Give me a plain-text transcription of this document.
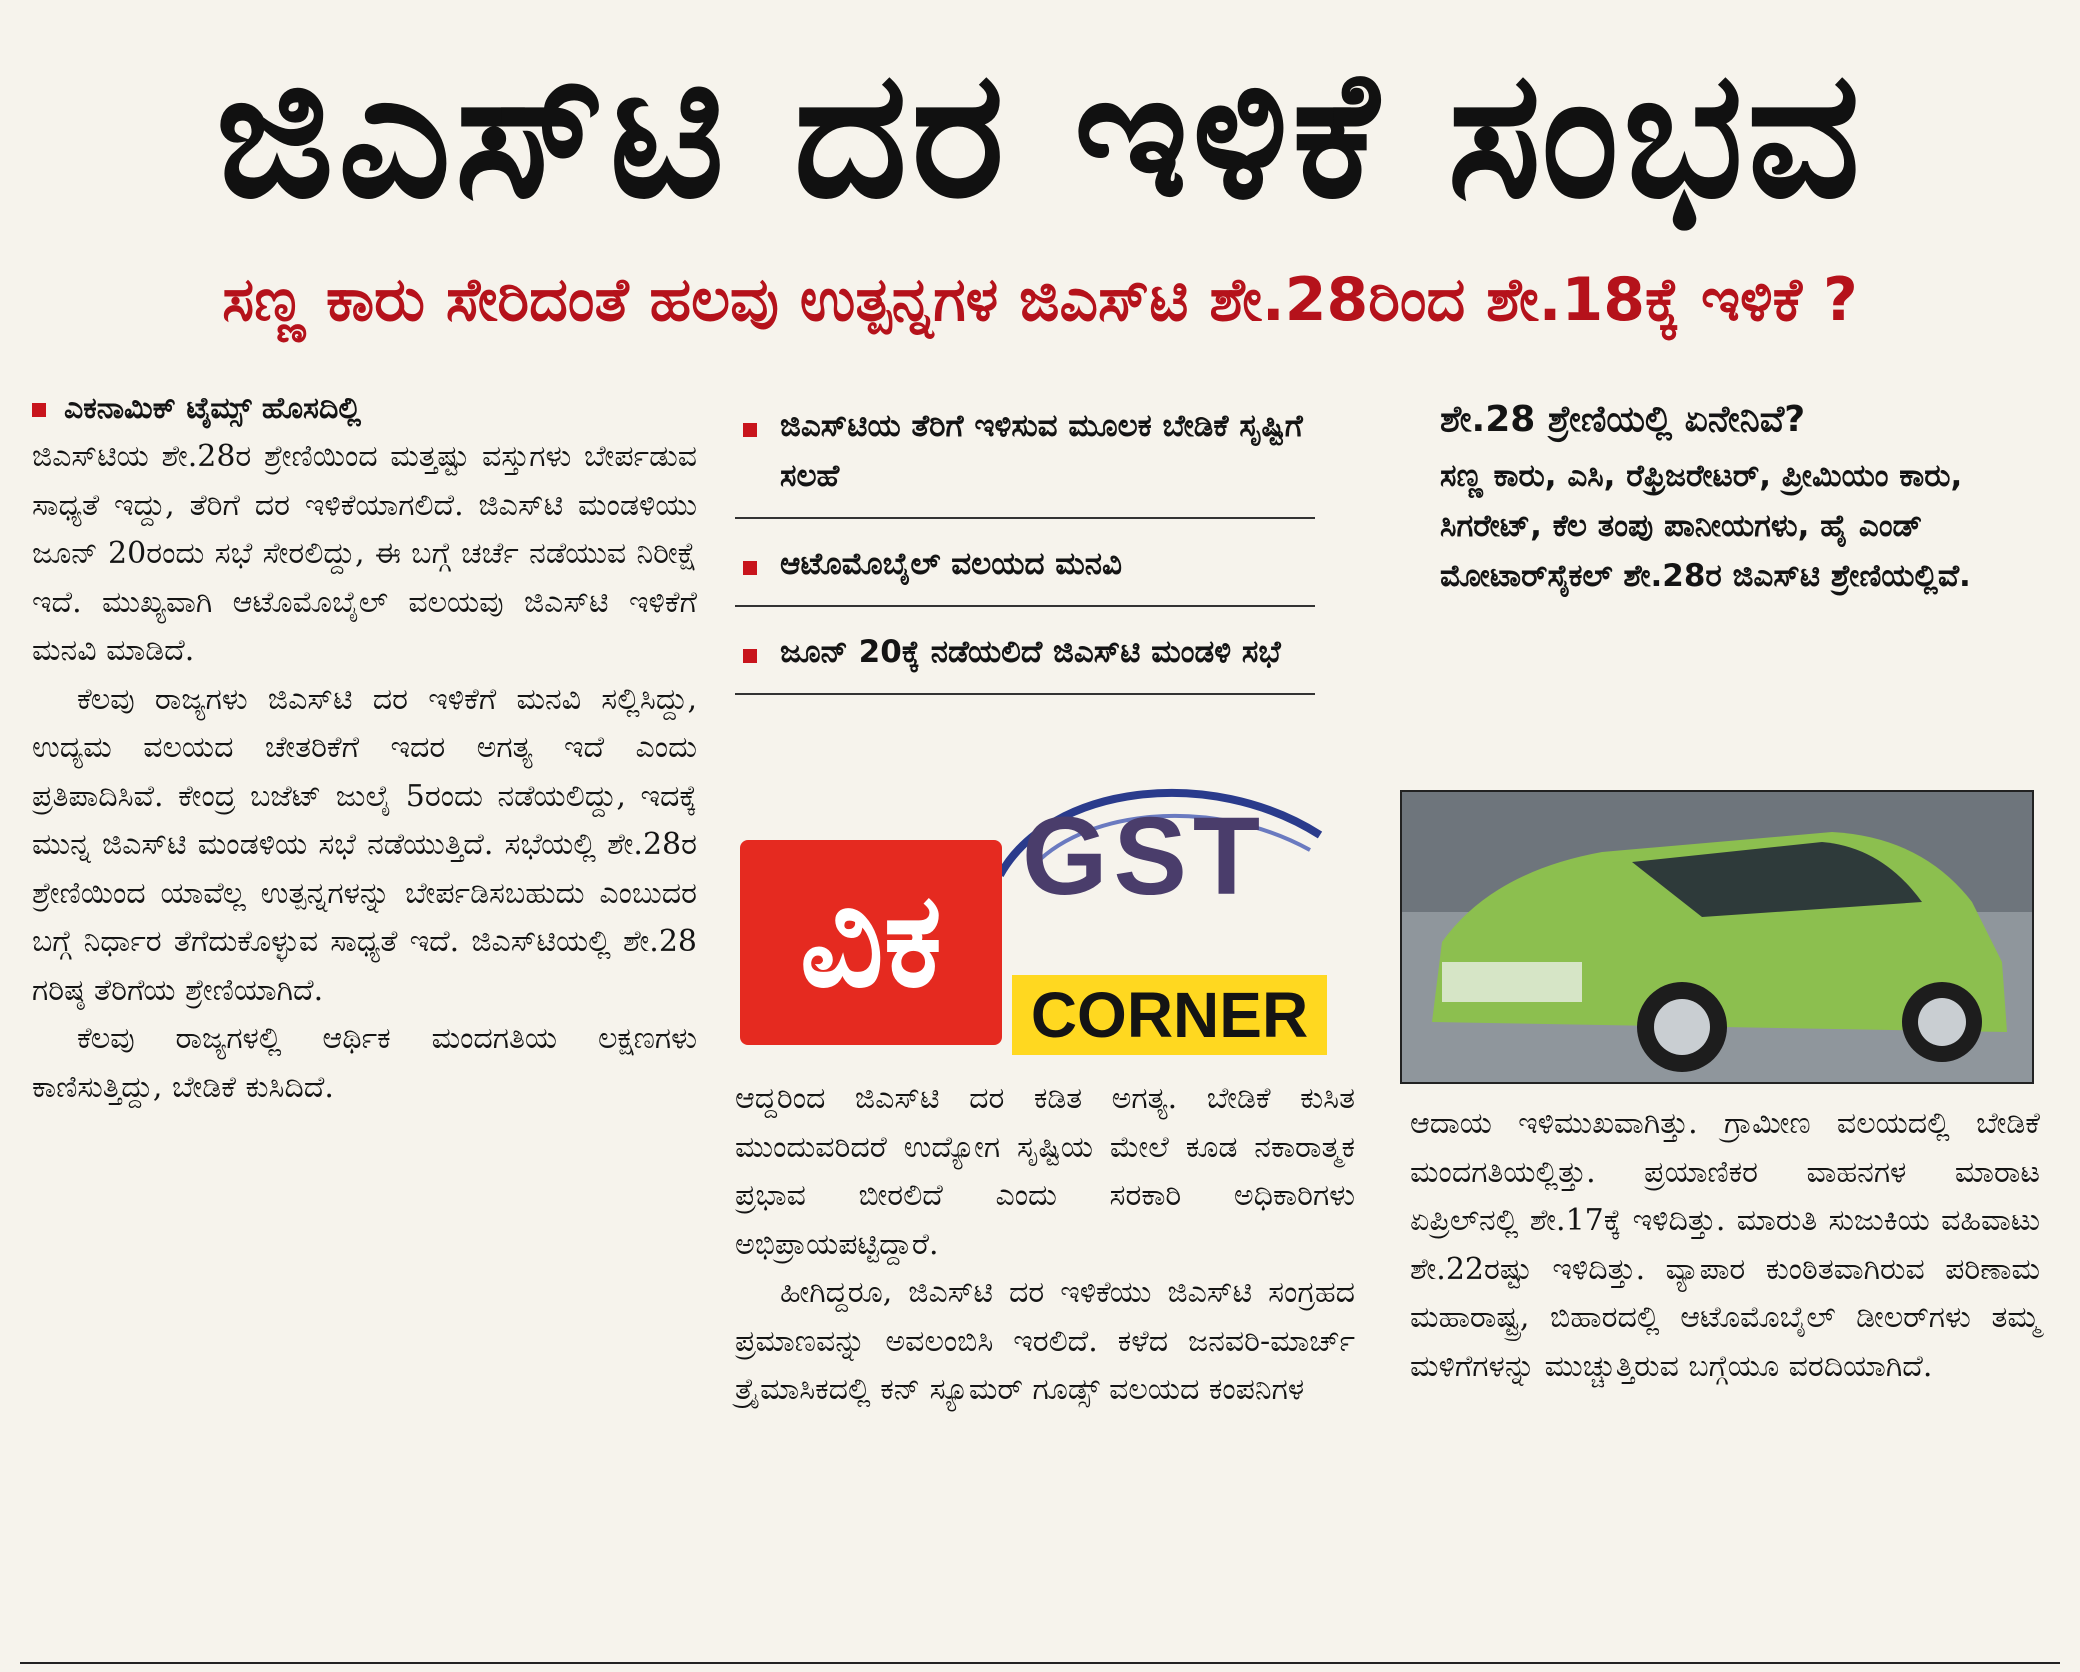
ಜಿಎಸ್‌ಟಿ ದರ ಇಳಿಕೆ ಸಂಭವ
ಸಣ್ಣ ಕಾರು ಸೇರಿದಂತೆ ಹಲವು ಉತ್ಪನ್ನಗಳ ಜಿಎಸ್‌ಟಿ ಶೇ.28ರಿಂದ ಶೇ.18ಕ್ಕೆ ಇಳಿಕೆ ?

ಎಕನಾಮಿಕ್ ಟೈಮ್ಸ್ ಹೊಸದಿಲ್ಲಿ

ಜಿಎಸ್‌ಟಿಯ ಶೇ.28ರ ಶ್ರೇಣಿಯಿಂದ ಮತ್ತಷ್ಟು ವಸ್ತುಗಳು ಬೇರ್ಪಡುವ ಸಾಧ್ಯತೆ ಇದ್ದು, ತೆರಿಗೆ ದರ ಇಳಿಕೆಯಾಗಲಿದೆ. ಜಿಎಸ್‌ಟಿ ಮಂಡಳಿಯು ಜೂನ್ 20ರಂದು ಸಭೆ ಸೇರಲಿದ್ದು, ಈ ಬಗ್ಗೆ ಚರ್ಚೆ ನಡೆಯುವ ನಿರೀಕ್ಷೆ ಇದೆ. ಮುಖ್ಯವಾಗಿ ಆಟೊಮೊಬೈಲ್ ವಲಯವು ಜಿಎಸ್‌ಟಿ ಇಳಿಕೆಗೆ ಮನವಿ ಮಾಡಿದೆ.

ಕೆಲವು ರಾಜ್ಯಗಳು ಜಿಎಸ್‌ಟಿ ದರ ಇಳಿಕೆಗೆ ಮನವಿ ಸಲ್ಲಿಸಿದ್ದು, ಉದ್ಯಮ ವಲಯದ ಚೇತರಿಕೆಗೆ ಇದರ ಅಗತ್ಯ ಇದೆ ಎಂದು ಪ್ರತಿಪಾದಿಸಿವೆ. ಕೇಂದ್ರ ಬಜೆಟ್ ಜುಲೈ 5ರಂದು ನಡೆಯಲಿದ್ದು, ಇದಕ್ಕೆ ಮುನ್ನ ಜಿಎಸ್‌ಟಿ ಮಂಡಳಿಯ ಸಭೆ ನಡೆಯುತ್ತಿದೆ. ಸಭೆಯಲ್ಲಿ ಶೇ.28ರ ಶ್ರೇಣಿಯಿಂದ ಯಾವೆಲ್ಲ ಉತ್ಪನ್ನಗಳನ್ನು ಬೇರ್ಪಡಿಸಬಹುದು ಎಂಬುದರ ಬಗ್ಗೆ ನಿರ್ಧಾರ ತೆಗೆದುಕೊಳ್ಳುವ ಸಾಧ್ಯತೆ ಇದೆ. ಜಿಎಸ್‌ಟಿಯಲ್ಲಿ ಶೇ.28 ಗರಿಷ್ಠ ತೆರಿಗೆಯ ಶ್ರೇಣಿಯಾಗಿದೆ.

ಕೆಲವು ರಾಜ್ಯಗಳಲ್ಲಿ ಆರ್ಥಿಕ ಮಂದಗತಿಯ ಲಕ್ಷಣಗಳು ಕಾಣಿಸುತ್ತಿದ್ದು, ಬೇಡಿಕೆ ಕುಸಿದಿದೆ.

ಜಿಎಸ್‌ಟಿಯ ತೆರಿಗೆ ಇಳಿಸುವ ಮೂಲಕ ಬೇಡಿಕೆ ಸೃಷ್ಟಿಗೆ ಸಲಹೆ
ಆಟೊಮೊಬೈಲ್ ವಲಯದ ಮನವಿ
ಜೂನ್ 20ಕ್ಕೆ ನಡೆಯಲಿದೆ ಜಿಎಸ್‌ಟಿ ಮಂಡಳಿ ಸಭೆ
ವಿಕ
GST
CORNER

ಆದ್ದರಿಂದ ಜಿಎಸ್‌ಟಿ ದರ ಕಡಿತ ಅಗತ್ಯ. ಬೇಡಿಕೆ ಕುಸಿತ ಮುಂದುವರಿದರೆ ಉದ್ಯೋಗ ಸೃಷ್ಟಿಯ ಮೇಲೆ ಕೂಡ ನಕಾರಾತ್ಮಕ ಪ್ರಭಾವ ಬೀರಲಿದೆ ಎಂದು ಸರಕಾರಿ ಅಧಿಕಾರಿಗಳು ಅಭಿಪ್ರಾಯಪಟ್ಟಿದ್ದಾರೆ.

ಹೀಗಿದ್ದರೂ, ಜಿಎಸ್‌ಟಿ ದರ ಇಳಿಕೆಯು ಜಿಎಸ್‌ಟಿ ಸಂಗ್ರಹದ ಪ್ರಮಾಣವನ್ನು ಅವಲಂಬಿಸಿ ಇರಲಿದೆ. ಕಳೆದ ಜನವರಿ-ಮಾರ್ಚ್ ತ್ರೈಮಾಸಿಕದಲ್ಲಿ ಕನ್ ಸ್ಯೂಮರ್ ಗೂಡ್ಸ್ ವಲಯದ ಕಂಪನಿಗಳ

ಶೇ.28 ಶ್ರೇಣಿಯಲ್ಲಿ ಏನೇನಿವೆ?

ಸಣ್ಣ ಕಾರು, ಎಸಿ, ರೆಫ್ರಿಜರೇಟರ್, ಪ್ರೀಮಿಯಂ ಕಾರು, ಸಿಗರೇಟ್, ಕೆಲ ತಂಪು ಪಾನೀಯಗಳು, ಹೈ ಎಂಡ್ ಮೋಟಾರ್‌ಸೈಕಲ್ ಶೇ.28ರ ಜಿಎಸ್‌ಟಿ ಶ್ರೇಣಿಯಲ್ಲಿವೆ.

ಆದಾಯ ಇಳಿಮುಖವಾಗಿತ್ತು. ಗ್ರಾಮೀಣ ವಲಯದಲ್ಲಿ ಬೇಡಿಕೆ ಮಂದಗತಿಯಲ್ಲಿತ್ತು. ಪ್ರಯಾಣಿಕರ ವಾಹನಗಳ ಮಾರಾಟ ಏಪ್ರಿಲ್‌ನಲ್ಲಿ ಶೇ.17ಕ್ಕೆ ಇಳಿದಿತ್ತು. ಮಾರುತಿ ಸುಜುಕಿಯ ವಹಿವಾಟು ಶೇ.22ರಷ್ಟು ಇಳಿದಿತ್ತು. ವ್ಯಾಪಾರ ಕುಂಠಿತವಾಗಿರುವ ಪರಿಣಾಮ ಮಹಾರಾಷ್ಟ್ರ, ಬಿಹಾರದಲ್ಲಿ ಆಟೊಮೊಬೈಲ್ ಡೀಲರ್‌ಗಳು ತಮ್ಮ ಮಳಿಗೆಗಳನ್ನು ಮುಚ್ಚುತ್ತಿರುವ ಬಗ್ಗೆಯೂ ವರದಿಯಾಗಿದೆ.
